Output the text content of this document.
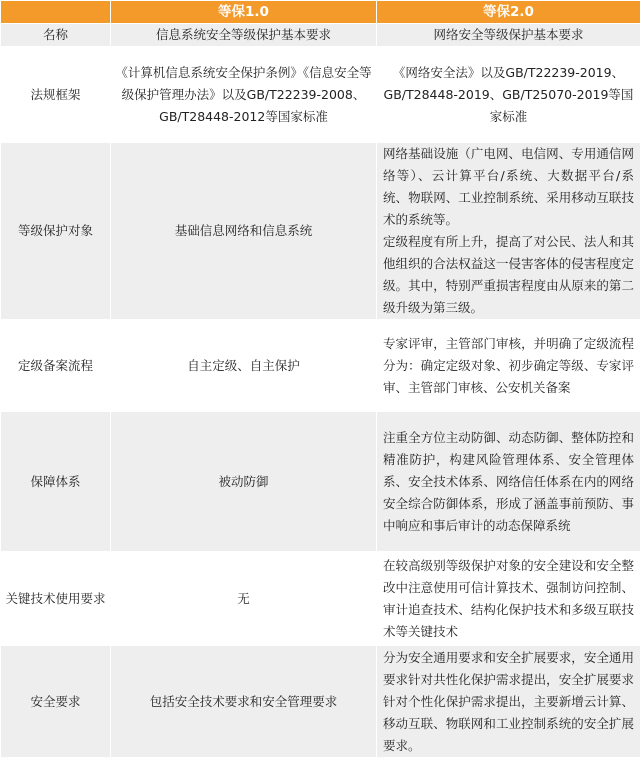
	等保1.0	等保2.0
名称	信息系统安全等级保护基本要求	网络安全等级保护基本要求

法规框架	《计算机信息系统安全保护条例》《信息安全等级保护管理办法》以及GB/T22239-2008、GB/T28448-2012等国家标准	《网络安全法》以及GB/T22239-2019、GB/T28448-2019、GB/T25070-2019等国家标准

等级保护对象	基础信息网络和信息系统	网络基础设施（广电网、电信网、专用通信网络等）、云计算平台/系统、大数据平台/系统、物联网、工业控制系统、采用移动互联技术的系统等。
定级程度有所上升，提高了对公民、法人和其他组织的合法权益这一侵害客体的侵害程度定级。其中，特别严重损害程度由从原来的第二级升级为第三级。

定级备案流程	自主定级、自主保护	专家评审，主管部门审核，并明确了定级流程分为：确定定级对象、初步确定等级、专家评审、主管部门审核、公安机关备案

保障体系	被动防御	注重全方位主动防御、动态防御、整体防控和精准防护，构建风险管理体系、安全管理体系、安全技术体系、网络信任体系在内的网络安全综合防御体系，形成了涵盖事前预防、事中响应和事后审计的动态保障系统

关键技术使用要求	无	在较高级别等级保护对象的安全建设和安全整改中注意使用可信计算技术、强制访问控制、审计追查技术、结构化保护技术和多级互联技术等关键技术

安全要求	包括安全技术要求和安全管理要求	分为安全通用要求和安全扩展要求，安全通用要求针对共性化保护需求提出，安全扩展要求针对个性化保护需求提出，主要新增云计算、移动互联、物联网和工业控制系统的安全扩展要求。
